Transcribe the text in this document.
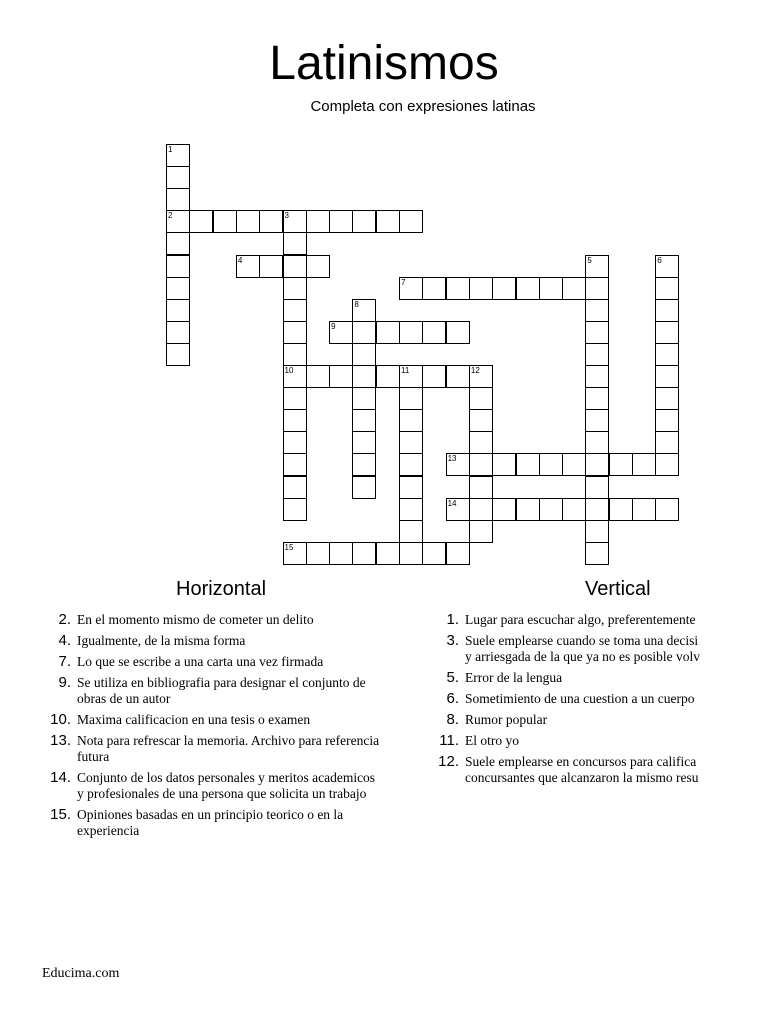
Latinismos
Completa con expresiones latinas
1
2	3
10
4	5	6
7
8
9
11	12
13
14
15
Horizontal	Vertical
2. En el momento mismo de cometer un delito
4. Igualmente, de la misma forma
7. Lo que se escribe a una carta una vez firmada
9. Se utiliza en bibliografia para designar el conjunto de
obras de un autor
10. Maxima calificacion en una tesis o examen
13. Nota para refrescar la memoria. Archivo para referencia
futura
14. Conjunto de los datos personales y meritos academicos
y profesionales de una persona que solicita un trabajo
15. Opiniones basadas en un principio teorico o en la
experiencia
1. Lugar para escuchar algo, preferentemente
3. Suele emplearse cuando se toma una decisi
y arriesgada de la que ya no es posible volv
5. Error de la lengua
6. Sometimiento de una cuestion a un cuerpo
8. Rumor popular
11. El otro yo
12. Suele emplearse en concursos para califica
concursantes que alcanzaron la mismo resu
Educima.com
